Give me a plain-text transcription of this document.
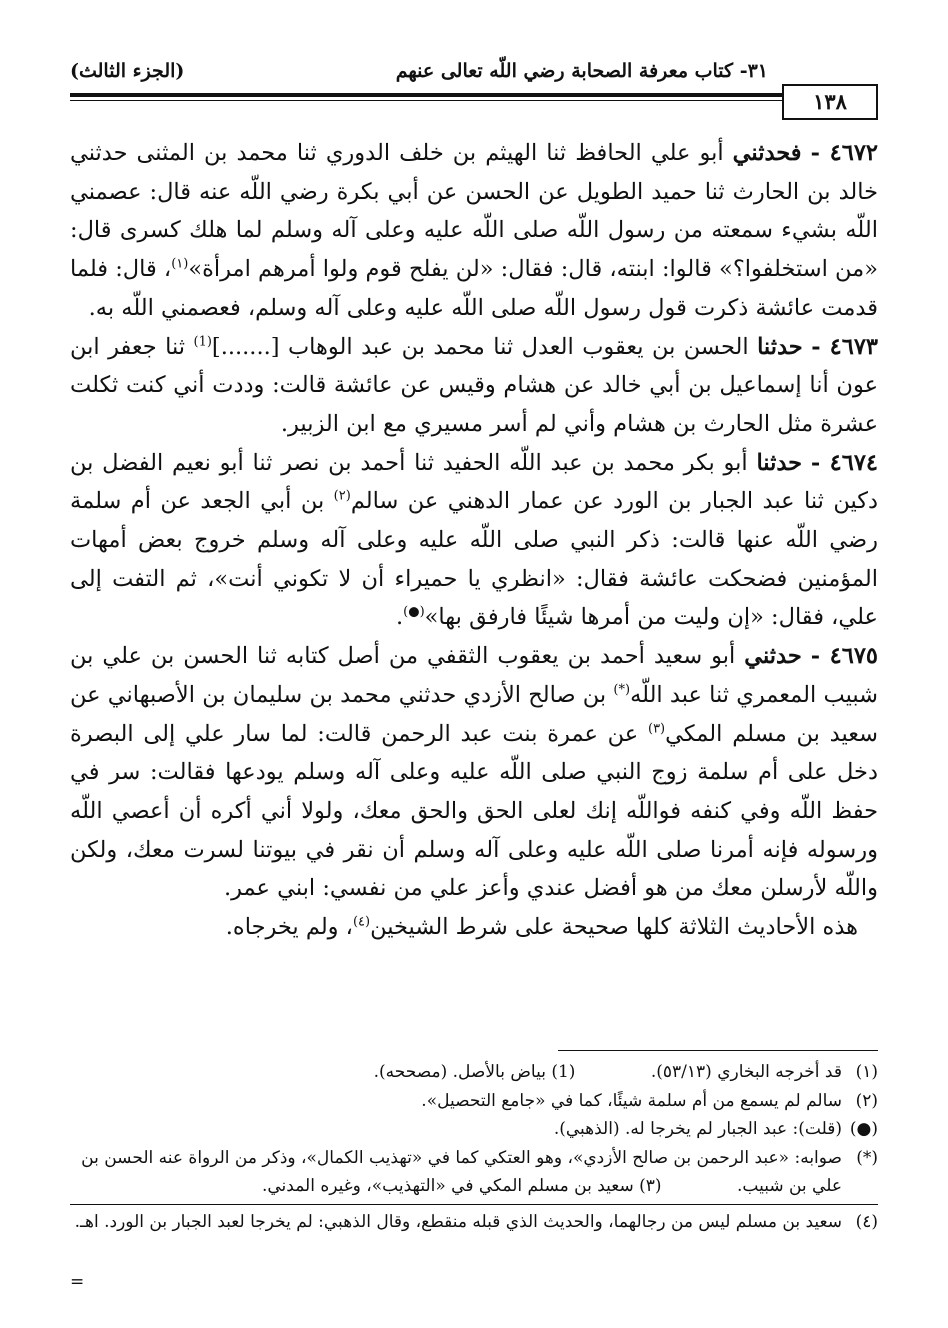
٣١- كتاب معرفة الصحابة رضي اللّه تعالى عنهم
(الجزء الثالث)
١٣٨

٤٦٧٢ - فحدثني أبو علي الحافظ ثنا الهيثم بن خلف الدوري ثنا محمد بن المثنى حدثني خالد بن الحارث ثنا حميد الطويل عن الحسن عن أبي بكرة رضي اللّه عنه قال: عصمني اللّه بشيء سمعته من رسول اللّه صلى اللّه عليه وعلى آله وسلم لما هلك كسرى قال: «من استخلفوا؟» قالوا: ابنته، قال: فقال: «لن يفلح قوم ولوا أمرهم امرأة»$^{(١)}$، قال: فلما قدمت عائشة ذكرت قول رسول اللّه صلى اللّه عليه وعلى آله وسلم، فعصمني اللّه به.

٤٦٧٣ - حدثنا الحسن بن يعقوب العدل ثنا محمد بن عبد الوهاب [.......]$^{(1)}$ ثنا جعفر ابن عون أنا إسماعيل بن أبي خالد عن هشام وقيس عن عائشة قالت: وددت أني كنت ثكلت عشرة مثل الحارث بن هشام وأني لم أسر مسيري مع ابن الزبير.

٤٦٧٤ - حدثنا أبو بكر محمد بن عبد اللّه الحفيد ثنا أحمد بن نصر ثنا أبو نعيم الفضل بن دكين ثنا عبد الجبار بن الورد عن عمار الدهني عن سالم$^{(٢)}$ بن أبي الجعد عن أم سلمة رضي اللّه عنها قالت: ذكر النبي صلى اللّه عليه وعلى آله وسلم خروج بعض أمهات المؤمنين فضحكت عائشة فقال: «انظري يا حميراء أن لا تكوني أنت»، ثم التفت إلى علي، فقال: «إن وليت من أمرها شيئًا فارفق بها»(●).

٤٦٧٥ - حدثني أبو سعيد أحمد بن يعقوب الثقفي من أصل كتابه ثنا الحسن بن علي بن شبيب المعمري ثنا عبد اللّه(*) بن صالح الأزدي حدثني محمد بن سليمان بن الأصبهاني عن سعيد بن مسلم المكي$^{(٣)}$ عن عمرة بنت عبد الرحمن قالت: لما سار علي إلى البصرة دخل على أم سلمة زوج النبي صلى اللّه عليه وعلى آله وسلم يودعها فقالت: سر في حفظ اللّه وفي كنفه فواللّه إنك لعلى الحق والحق معك، ولولا أني أكره أن أعصي اللّه ورسوله فإنه أمرنا صلى اللّه عليه وعلى آله وسلم أن نقر في بيوتنا لسرت معك، ولكن واللّه لأرسلن معك من هو أفضل عندي وأعز علي من نفسي: ابني عمر.

هذه الأحاديث الثلاثة كلها صحيحة على شرط الشيخين$^{(٤)}$، ولم يخرجاه.

(١)
قد أخرجه البخاري (٥٣/١٣). (1) بياض بالأصل. (مصححه).

(٢)
سالم لم يسمع من أم سلمة شيئًا، كما في «جامع التحصيل».

(●)
(قلت): عبد الجبار لم يخرجا له. (الذهبي).

(*)
صوابه: «عبد الرحمن بن صالح الأزدي»، وهو العتكي كما في «تهذيب الكمال»، وذكر من الرواة عنه الحسن بن علي بن شبيب. (٣) سعيد بن مسلم المكي في «التهذيب»، وغيره المدني.

(٤)
سعيد بن مسلم ليس من رجالهما، والحديث الذي قبله منقطع، وقال الذهبي: لم يخرجا لعبد الجبار بن الورد. اهـ.

=
